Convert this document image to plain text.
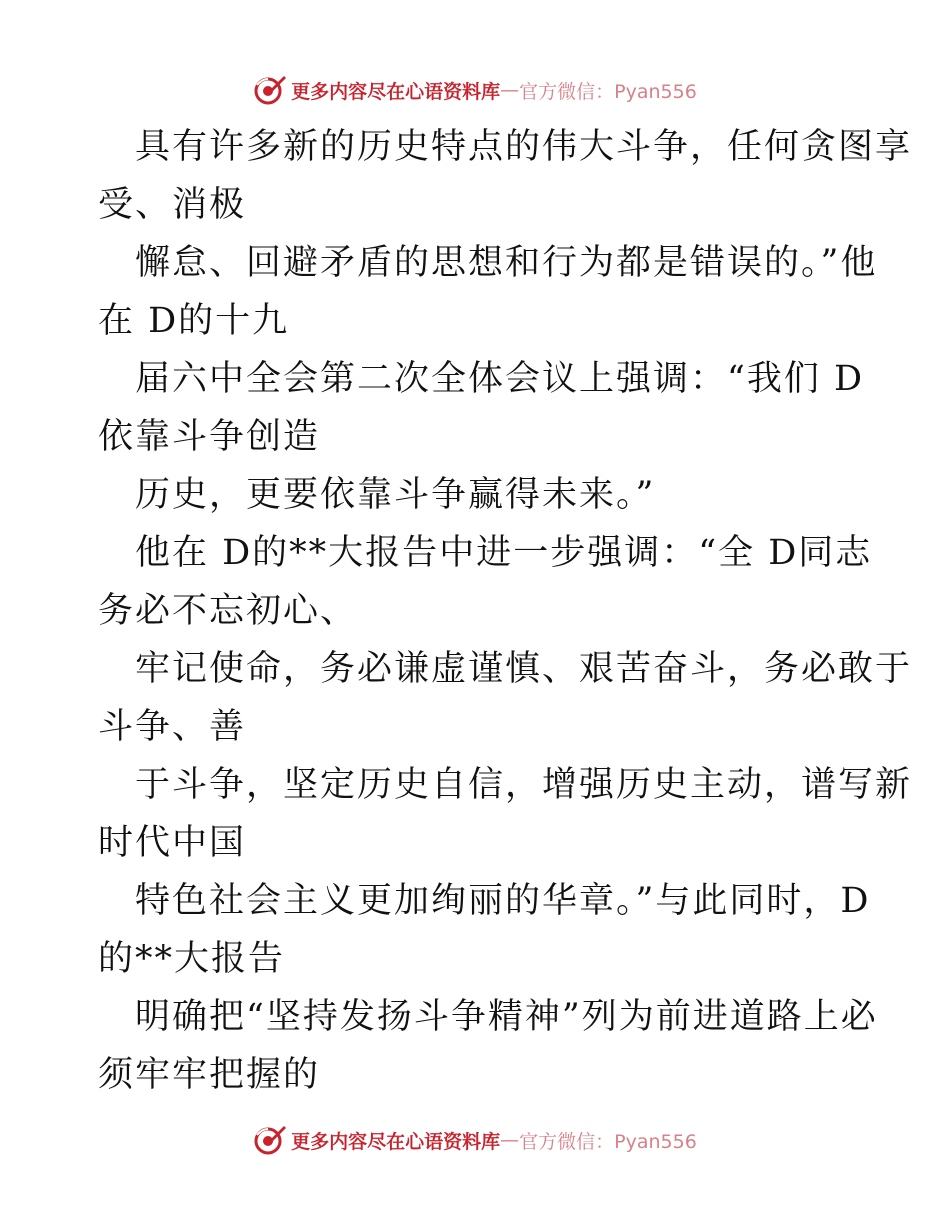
更多内容尽在心语资料库 — 官方微信：Pyan556
具有许多新的历史特点的伟大斗争，任何贪图享
受、消极
懈怠、回避矛盾的思想和行为都是错误的。”他
在 D的十九
届六中全会第二次全体会议上强调：“我们 D
依靠斗争创造
历史，更要依靠斗争赢得未来。”
他在 D的**大报告中进一步强调：“全 D同志
务必不忘初心、
牢记使命，务必谦虚谨慎、艰苦奋斗，务必敢于
斗争、善
于斗争，坚定历史自信，增强历史主动，谱写新
时代中国
特色社会主义更加绚丽的华章。”与此同时，D
的**大报告
明确把“坚持发扬斗争精神”列为前进道路上必
须牢牢把握的
更多内容尽在心语资料库 — 官方微信：Pyan556
